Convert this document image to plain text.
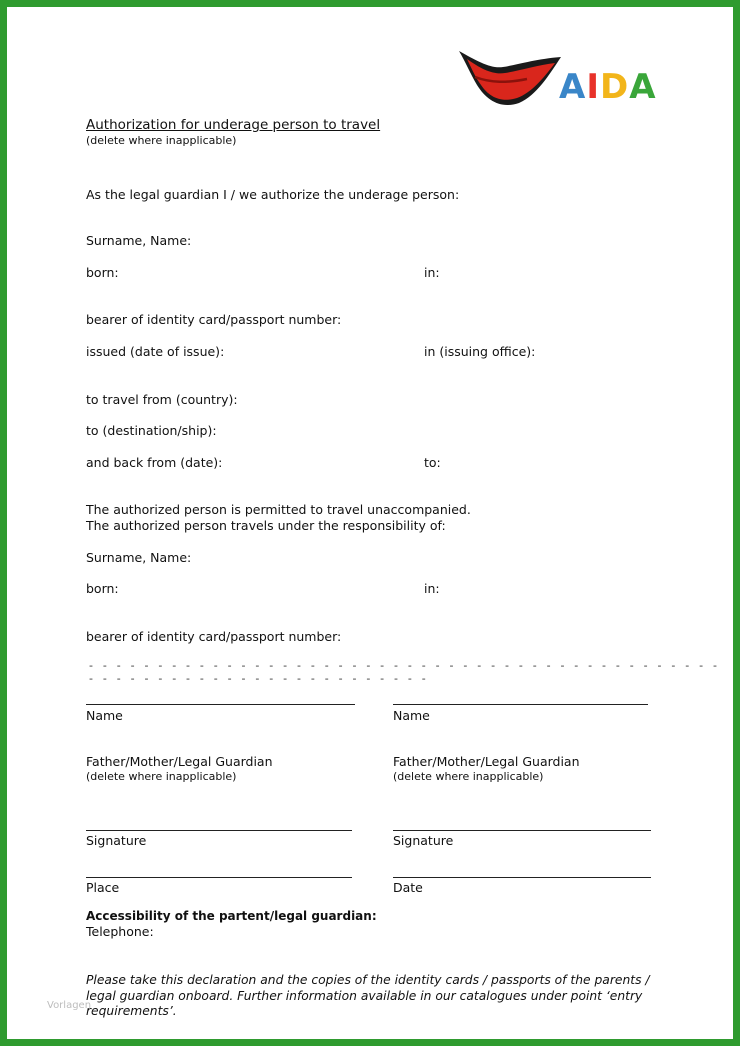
AIDA
Authorization for underage person to travel
(delete where inapplicable)
As the legal guardian I / we authorize the underage person:
Surname, Name:
born:	in:
bearer of identity card/passport number:
issued (date of issue):	in (issuing office):
to travel from (country):
to (destination/ship):
and back from (date):	to:
The authorized person is permitted to travel unaccompanied.
The authorized person travels under the responsibility of:
Surname, Name:
born:	in:
bearer of identity card/passport number:
- - - - - - - - - - - - - - - - - - - - - - - - - - - - - - - - - - - - - - - - - - - - - - - - - - - - - - - - - - - - - - - - - - - - - - -
Name	Name
Father/Mother/Legal Guardian
(delete where inapplicable)
Father/Mother/Legal Guardian
(delete where inapplicable)
Signature	Signature
Place	Date
Accessibility of the partent/legal guardian:
Telephone:
Please take this declaration and the copies of the identity cards / passports of the parents / legal guardian onboard. Further information available in our catalogues under point ‘entry requirements’.
Vorlagen
